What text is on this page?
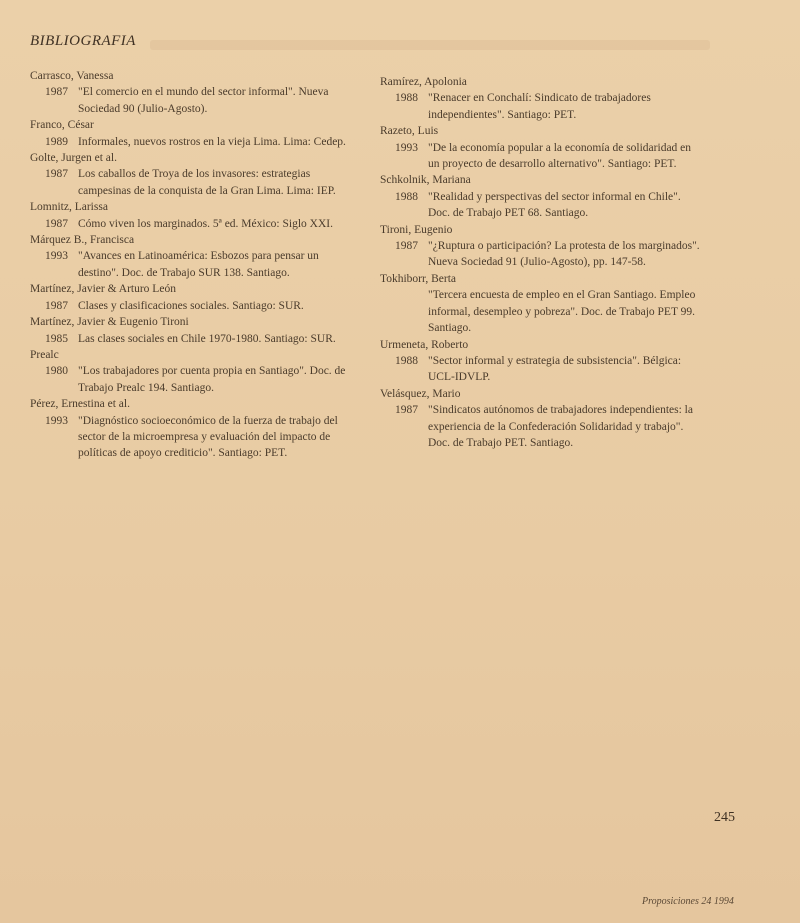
BIBLIOGRAFIA
Carrasco, Vanessa
1987 "El comercio en el mundo del sector informal". Nueva Sociedad 90 (Julio-Agosto).
Franco, César
1989 Informales, nuevos rostros en la vieja Lima. Lima: Cedep.
Golte, Jurgen et al.
1987 Los caballos de Troya de los invasores: estrategias campesinas de la conquista de la Gran Lima. Lima: IEP.
Lomnitz, Larissa
1987 Cómo viven los marginados. 5ª ed. México: Siglo XXI.
Márquez B., Francisca
1993 "Avances en Latinoamérica: Esbozos para pensar un destino". Doc. de Trabajo SUR 138. Santiago.
Martínez, Javier & Arturo León
1987 Clases y clasificaciones sociales. Santiago: SUR.
Martínez, Javier & Eugenio Tironi
1985 Las clases sociales en Chile 1970-1980. Santiago: SUR.
Prealc
1980 "Los trabajadores por cuenta propia en Santiago". Doc. de Trabajo Prealc 194. Santiago.
Pérez, Ernestina et al.
1993 "Diagnóstico socioeconómico de la fuerza de trabajo del sector de la microempresa y evaluación del impacto de políticas de apoyo crediticio". Santiago: PET.
Ramírez, Apolonia
1988 "Renacer en Conchalí: Sindicato de trabajadores independientes". Santiago: PET.
Razeto, Luis
1993 "De la economía popular a la economía de solidaridad en un proyecto de desarrollo alternativo". Santiago: PET.
Schkolnik, Mariana
1988 "Realidad y perspectivas del sector informal en Chile". Doc. de Trabajo PET 68. Santiago.
Tironi, Eugenio
1987 "¿Ruptura o participación? La protesta de los marginados". Nueva Sociedad 91 (Julio-Agosto), pp. 147-58.
Tokhiborr, Berta
"Tercera encuesta de empleo en el Gran Santiago. Empleo informal, desempleo y pobreza". Doc. de Trabajo PET 99. Santiago.
Urmeneta, Roberto
1988 "Sector informal y estrategia de subsistencia". Bélgica: UCL-IDVLP.
Velásquez, Mario
1987 "Sindicatos autónomos de trabajadores independientes: la experiencia de la Confederación Solidaridad y trabajo". Doc. de Trabajo PET. Santiago.
245
Proposiciones 24 1994
